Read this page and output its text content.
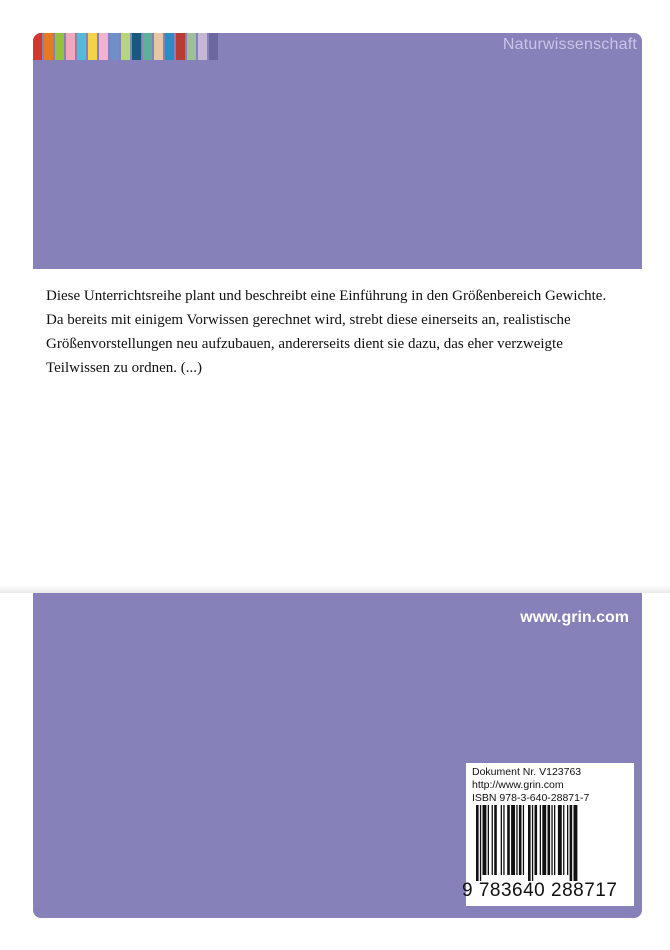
Naturwissenschaft

Diese Unterrichtsreihe plant und beschreibt eine Einführung in den Größenbereich Gewichte. Da bereits mit einigem Vorwissen gerechnet wird, strebt diese einerseits an, realistische Größenvorstellungen neu aufzubauen, andererseits dient sie dazu, das eher verzweigte Teilwissen zu ordnen. (...)

www.grin.com
Dokument Nr. V123763
http://www.grin.com
ISBN 978-3-640-28871-7
9 783640 288717
